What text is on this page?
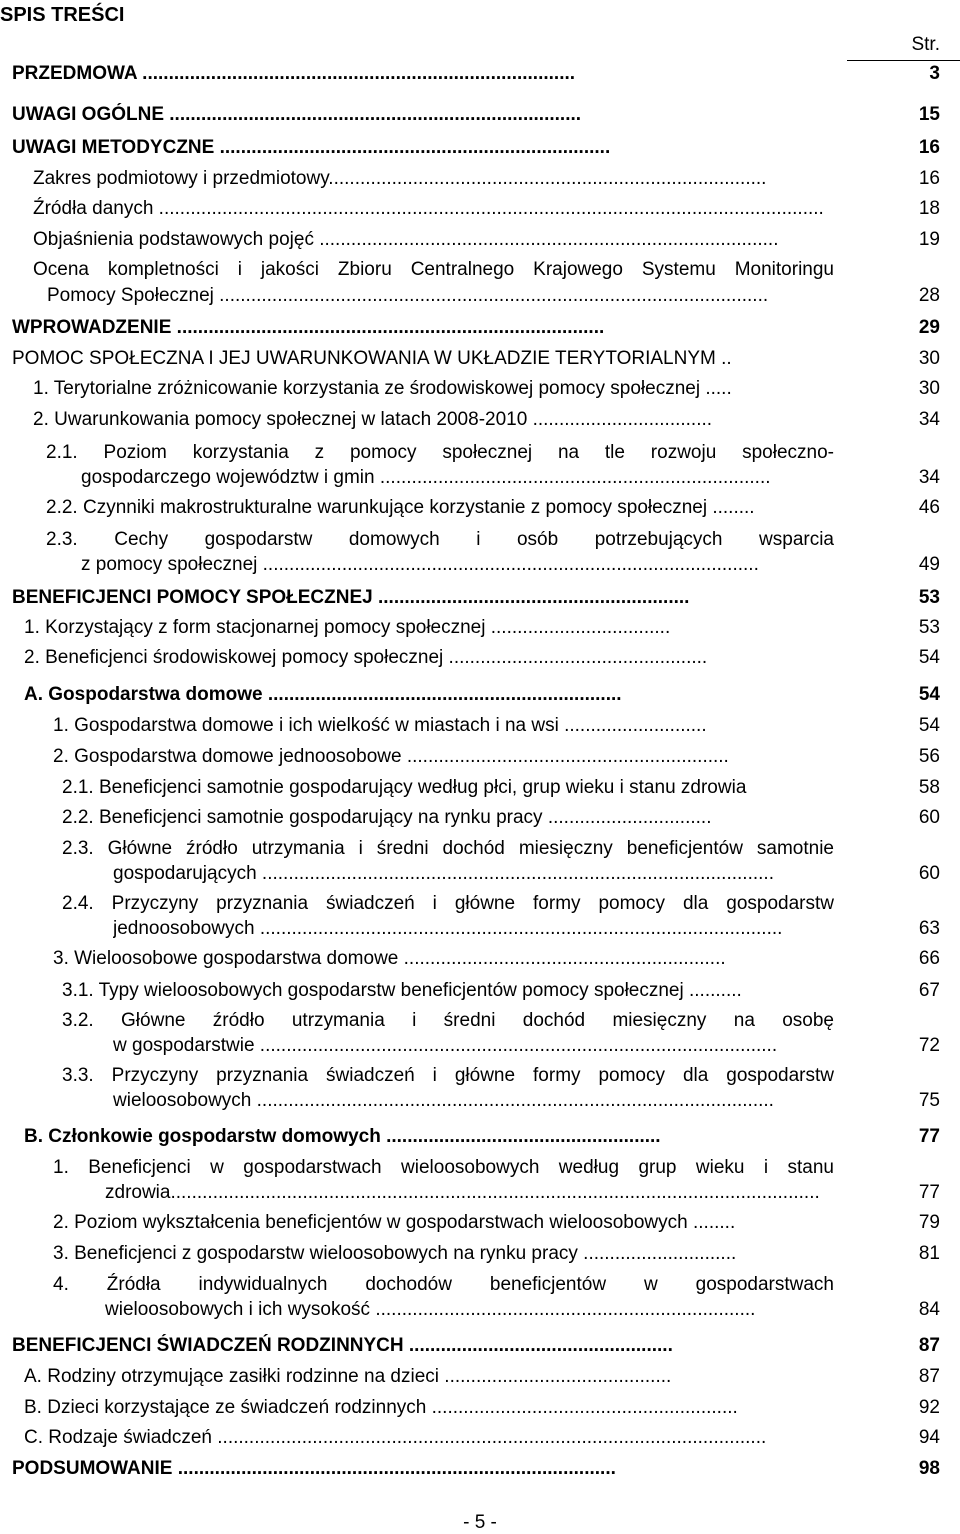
SPIS TREŚCI
Str.
PRZEDMOWA ..................................................................................	3
UWAGI OGÓLNE ..............................................................................	15
UWAGI METODYCZNE ..........................................................................	16
Zakres podmiotowy i przedmiotowy...................................................................................	16
Źródła danych ..............................................................................................................................	18
Objaśnienia podstawowych pojęć .......................................................................................	19
Ocena kompletności i jakości Zbioru Centralnego Krajowego Systemu Monitoringu
Pomocy Społecznej ........................................................................................................	28
WPROWADZENIE .................................................................................	29
POMOC SPOŁECZNA I JEJ UWARUNKOWANIA W UKŁADZIE TERYTORIALNYM ..	30
1. Terytorialne zróżnicowanie korzystania ze środowiskowej pomocy społecznej .....	30
2. Uwarunkowania pomocy społecznej w latach 2008-2010 ..................................	34
2.1. Poziom korzystania z pomocy społecznej na tle rozwoju społeczno-
gospodarczego województw i gmin ..........................................................................	34
2.2. Czynniki makrostrukturalne warunkujące korzystanie z pomocy społecznej ........	46
2.3. Cechy gospodarstw domowych i osób potrzebujących wsparcia
z pomocy społecznej ..............................................................................................	49
BENEFICJENCI POMOCY SPOŁECZNEJ ...........................................................	53
1. Korzystający z form stacjonarnej pomocy społecznej ..................................	53
2. Beneficjenci środowiskowej pomocy społecznej .................................................	54
A. Gospodarstwa domowe ...................................................................	54
1. Gospodarstwa domowe i ich wielkość w miastach i na wsi ...........................	54
2. Gospodarstwa domowe jednoosobowe .............................................................	56
2.1. Beneficjenci samotnie gospodarujący według płci, grup wieku i stanu zdrowia	58
2.2. Beneficjenci samotnie gospodarujący na rynku pracy ...............................	60
2.3. Główne źródło utrzymania i średni dochód miesięczny beneficjentów samotnie
gospodarujących .................................................................................................	60
2.4. Przyczyny przyznania świadczeń i główne formy pomocy dla gospodarstw
jednoosobowych ...................................................................................................	63
3. Wieloosobowe gospodarstwa domowe .............................................................	66
3.1. Typy wieloosobowych gospodarstw beneficjentów pomocy społecznej ..........	67
3.2. Główne źródło utrzymania i średni dochód miesięczny na osobę
w gospodarstwie ..................................................................................................	72
3.3. Przyczyny przyznania świadczeń i główne formy pomocy dla gospodarstw
wieloosobowych ..................................................................................................	75
B. Członkowie gospodarstw domowych ....................................................	77
1. Beneficjenci w gospodarstwach wieloosobowych według grup wieku i stanu
zdrowia...........................................................................................................................	77
2. Poziom wykształcenia beneficjentów w gospodarstwach wieloosobowych ........	79
3. Beneficjenci z gospodarstw wieloosobowych na rynku pracy .............................	81
4. Źródła indywidualnych dochodów beneficjentów w gospodarstwach
wieloosobowych i ich wysokość ........................................................................	84
BENEFICJENCI ŚWIADCZEŃ RODZINNYCH ..................................................	87
A. Rodziny otrzymujące zasiłki rodzinne na dzieci ...........................................	87
B. Dzieci korzystające ze świadczeń rodzinnych ..........................................................	92
C. Rodzaje świadczeń ........................................................................................................	94
PODSUMOWANIE ...................................................................................	98
- 5 -
